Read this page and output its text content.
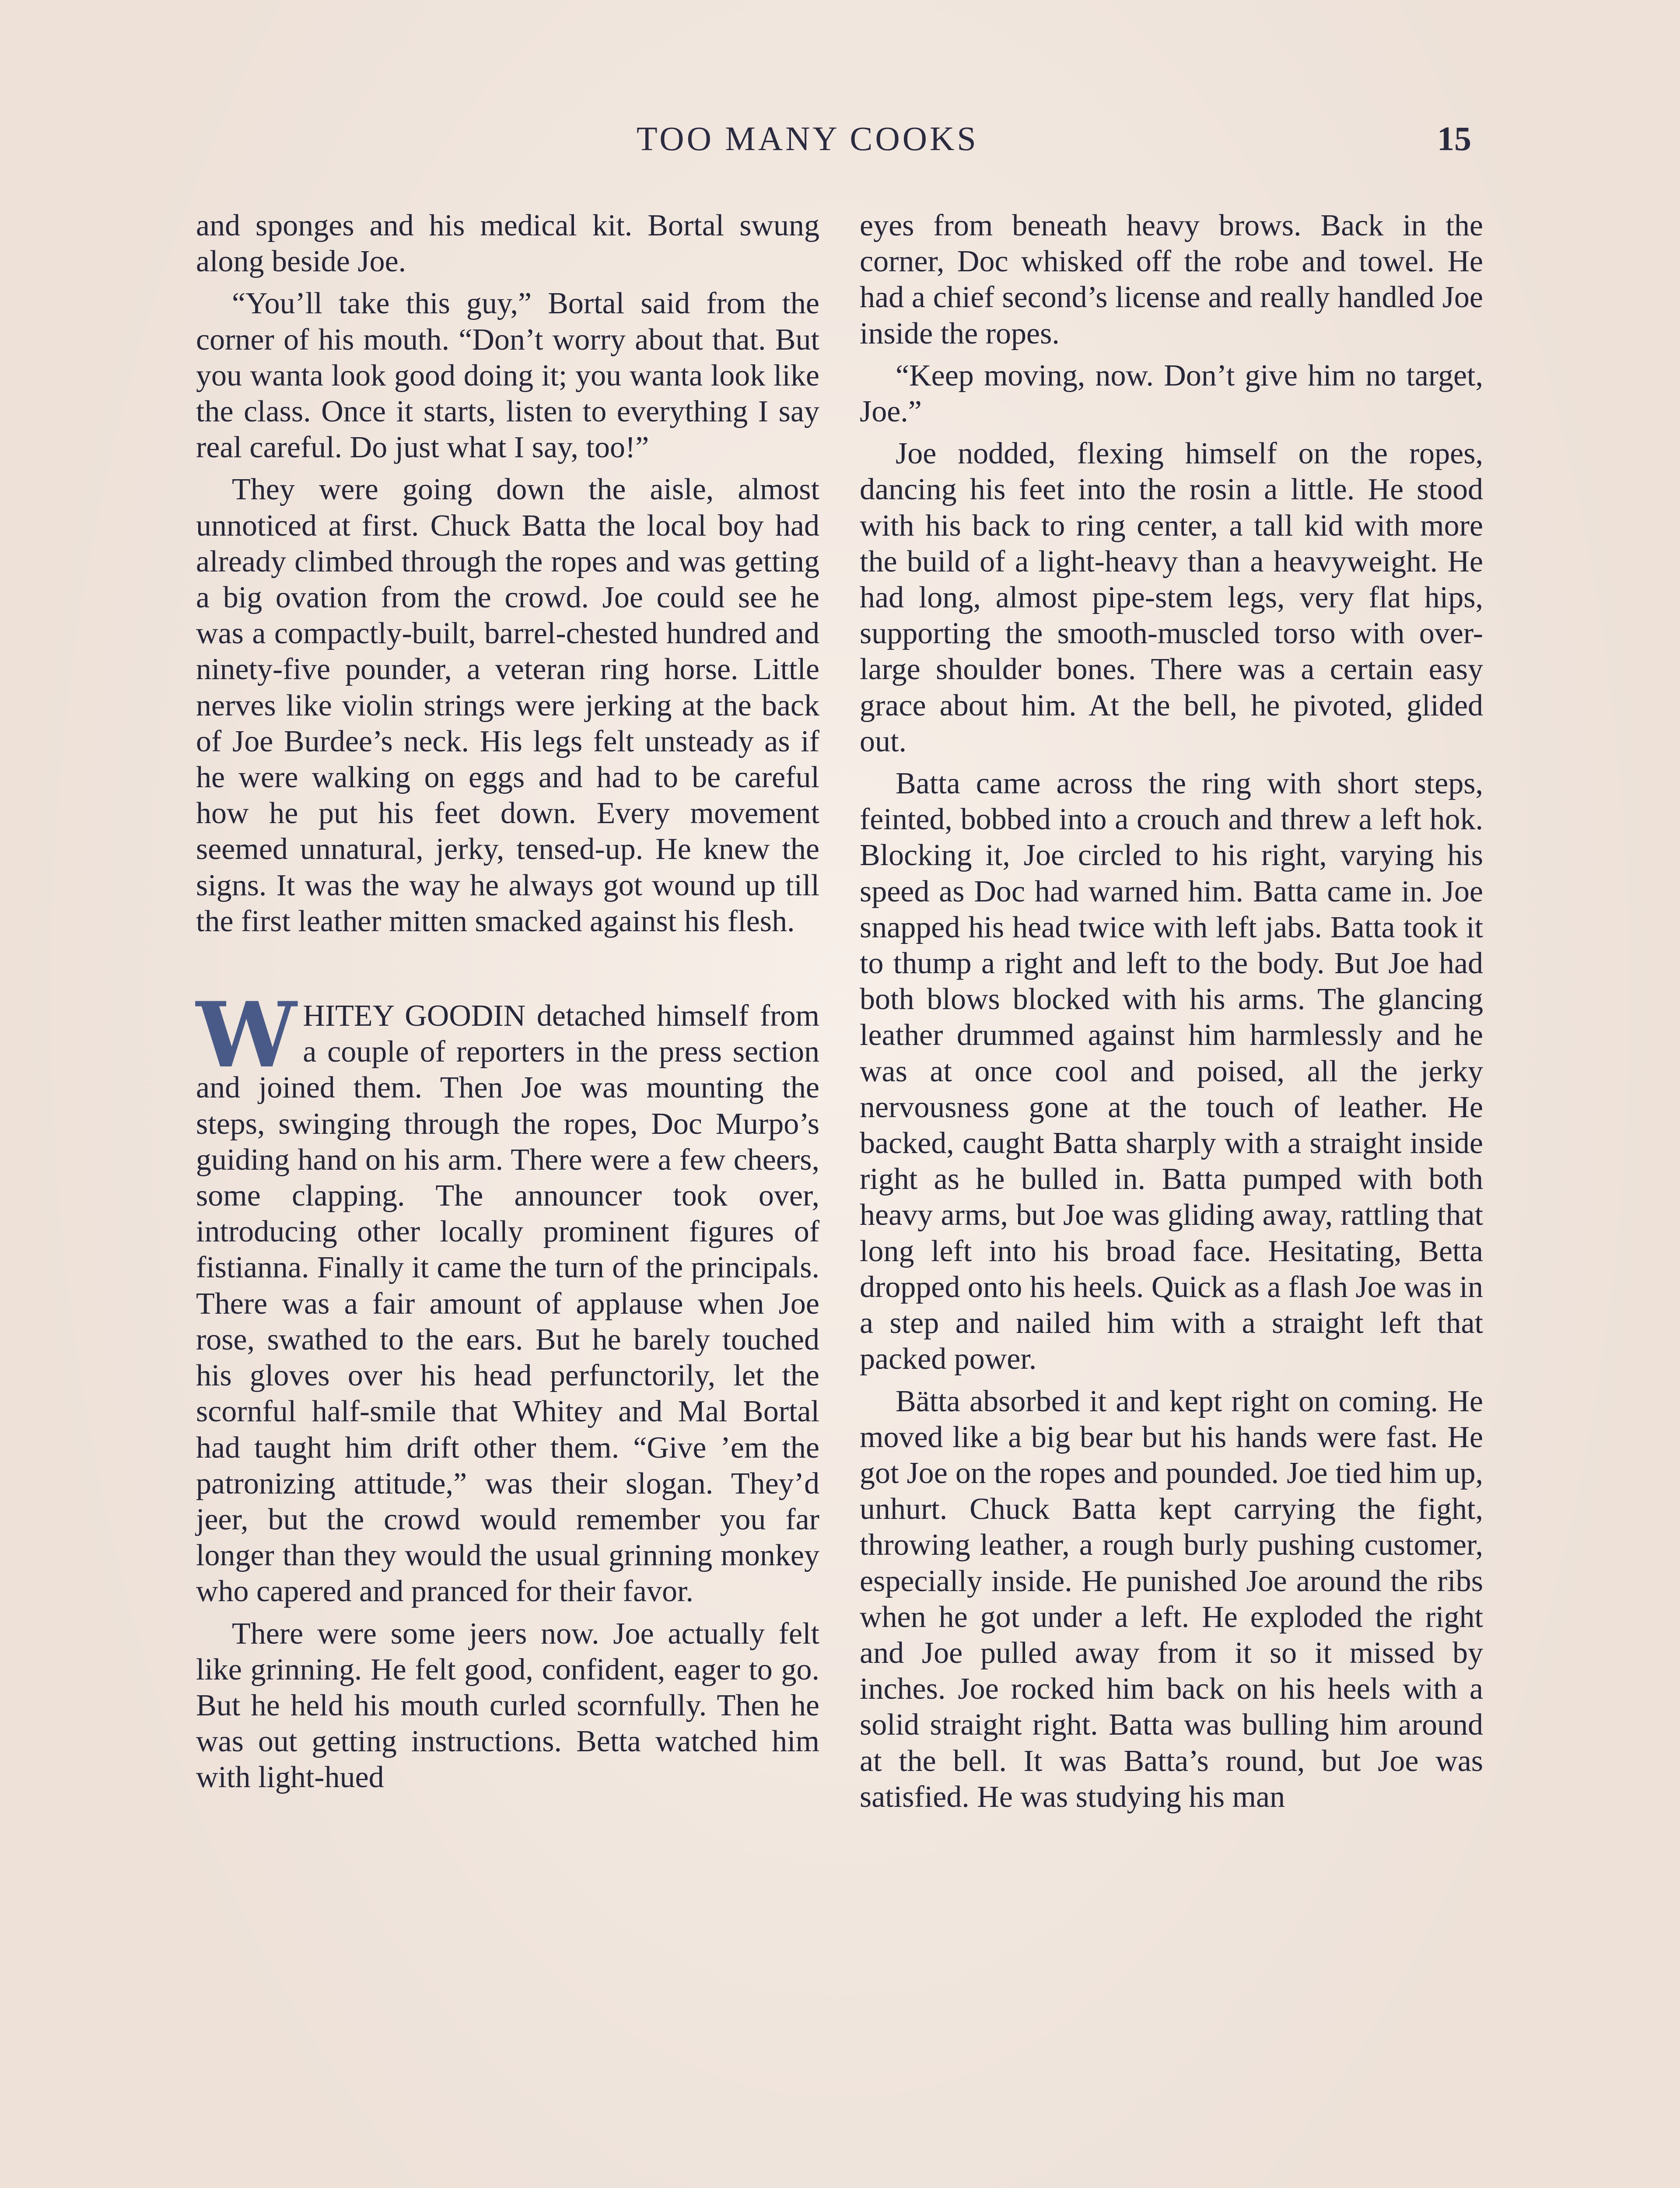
TOO MANY COOKS	15

and sponges and his medical kit. Bortal swung along beside Joe.

“You’ll take this guy,” Bortal said from the corner of his mouth. “Don’t worry about that. But you wanta look good doing it; you wanta look like the class. Once it starts, listen to everything I say real careful. Do just what I say, too!”

They were going down the aisle, almost unnoticed at first. Chuck Batta the local boy had already climbed through the ropes and was getting a big ovation from the crowd. Joe could see he was a compactly-built, barrel-chested hundred and ninety-five pounder, a veteran ring horse. Little nerves like violin strings were jerking at the back of Joe Burdee’s neck. His legs felt unsteady as if he were walking on eggs and had to be careful how he put his feet down. Every movement seemed unnatural, jerky, tensed-up. He knew the signs. It was the way he always got wound up till the first leather mitten smacked against his flesh.

WHITEY GOODIN detached himself from a couple of reporters in the press section and joined them. Then Joe was mounting the steps, swinging through the ropes, Doc Murpo’s guiding hand on his arm. There were a few cheers, some clapping. The announcer took over, introducing other locally prominent figures of fistianna. Finally it came the turn of the principals. There was a fair amount of applause when Joe rose, swathed to the ears. But he barely touched his gloves over his head perfunctorily, let the scornful half-smile that Whitey and Mal Bortal had taught him drift other them. “Give ’em the patronizing attitude,” was their slogan. They’d jeer, but the crowd would remember you far longer than they would the usual grinning monkey who capered and pranced for their favor.

There were some jeers now. Joe actually felt like grinning. He felt good, confident, eager to go. But he held his mouth curled scornfully. Then he was out getting instructions. Betta watched him with light-hued

eyes from beneath heavy brows. Back in the corner, Doc whisked off the robe and towel. He had a chief second’s license and really handled Joe inside the ropes.

“Keep moving, now. Don’t give him no target, Joe.”

Joe nodded, flexing himself on the ropes, dancing his feet into the rosin a little. He stood with his back to ring center, a tall kid with more the build of a light-heavy than a heavyweight. He had long, almost pipe-stem legs, very flat hips, supporting the smooth-muscled torso with over-large shoulder bones. There was a certain easy grace about him. At the bell, he pivoted, glided out.

Batta came across the ring with short steps, feinted, bobbed into a crouch and threw a left hok. Blocking it, Joe circled to his right, varying his speed as Doc had warned him. Batta came in. Joe snapped his head twice with left jabs. Batta took it to thump a right and left to the body. But Joe had both blows blocked with his arms. The glancing leather drummed against him harmlessly and he was at once cool and poised, all the jerky nervousness gone at the touch of leather. He backed, caught Batta sharply with a straight inside right as he bulled in. Batta pumped with both heavy arms, but Joe was gliding away, rattling that long left into his broad face. Hesitating, Betta dropped onto his heels. Quick as a flash Joe was in a step and nailed him with a straight left that packed power.

Bätta absorbed it and kept right on coming. He moved like a big bear but his hands were fast. He got Joe on the ropes and pounded. Joe tied him up, unhurt. Chuck Batta kept carrying the fight, throwing leather, a rough burly pushing customer, especially inside. He punished Joe around the ribs when he got under a left. He exploded the right and Joe pulled away from it so it missed by inches. Joe rocked him back on his heels with a solid straight right. Batta was bulling him around at the bell. It was Batta’s round, but Joe was satisfied. He was studying his man
